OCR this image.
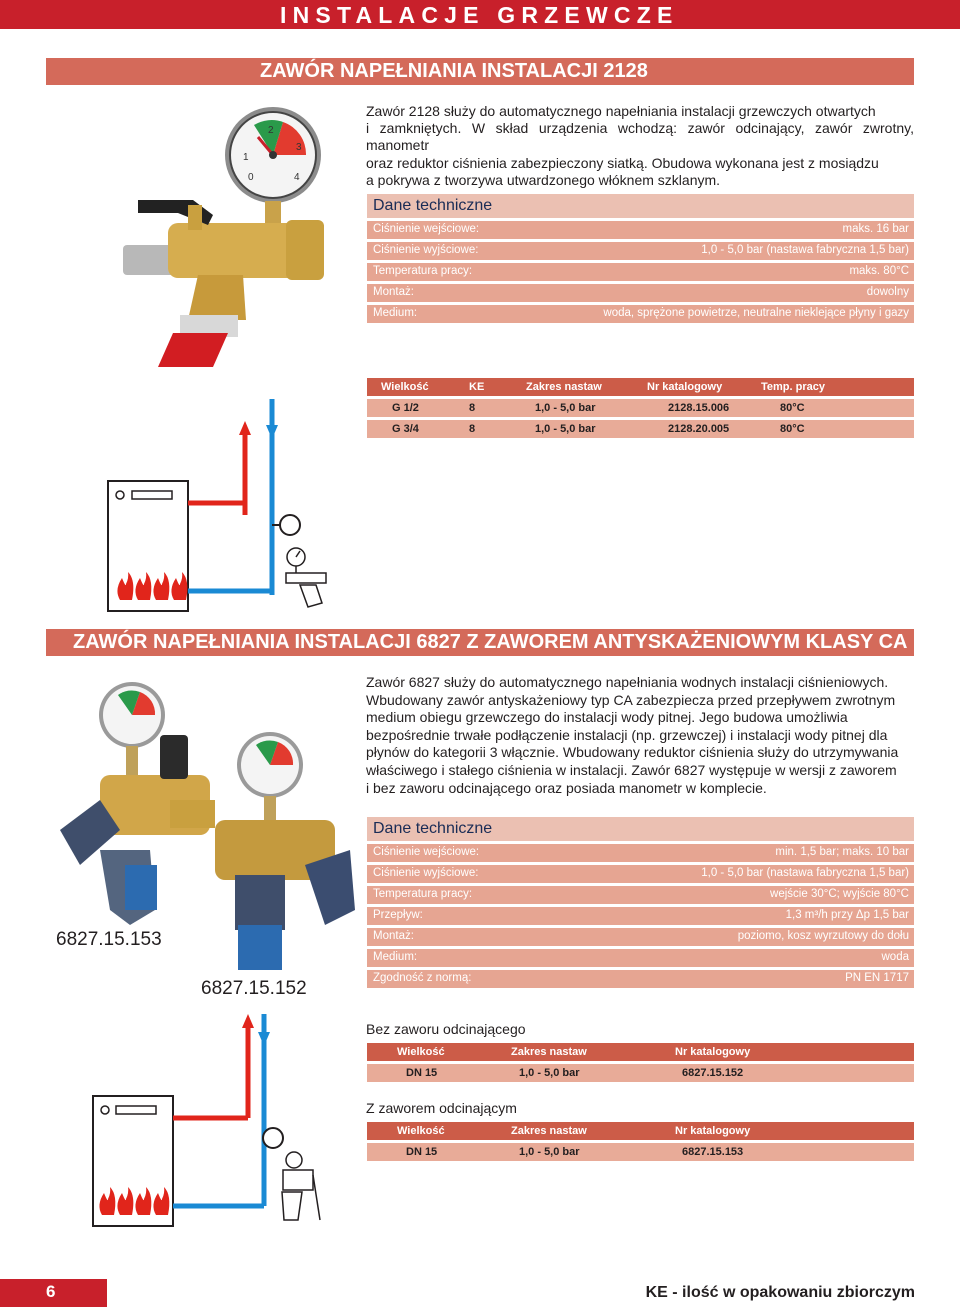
INSTALACJE GRZEWCZE
ZAWÓR NAPEŁNIANIA INSTALACJI 2128
1
2
3
4
0
Zawór 2128 służy do automatycznego napełniania instalacji grzewczych otwartych
i zamkniętych. W skład urządzenia wchodzą: zawór odcinający, zawór zwrotny, manometr
oraz reduktor ciśnienia zabezpieczony siatką. Obudowa wykonana jest z mosiądzu
a pokrywa z tworzywa utwardzonego włóknem szklanym.
Dane techniczne
Ciśnienie wejściowe:	maks. 16 bar
Ciśnienie wyjściowe:	1,0 - 5,0 bar (nastawa fabryczna 1,5 bar)
Temperatura pracy:	maks. 80°C
Montaż:	dowolny
Medium:	woda, sprężone powietrze, neutralne nieklejące płyny i gazy
Wielkość	KE	Zakres nastaw	Nr katalogowy	Temp. pracy
G 1/2	8	1,0 - 5,0 bar	2128.15.006	80°C
G 3/4	8	1,0 - 5,0 bar	2128.20.005	80°C
ZAWÓR NAPEŁNIANIA INSTALACJI 6827 Z ZAWOREM ANTYSKAŻENIOWYM KLASY CA
6827.15.153
6827.15.152
Zawór 6827 służy do automatycznego napełniania wodnych instalacji ciśnieniowych.
Wbudowany zawór antyskażeniowy typ CA zabezpiecza przed przepływem zwrotnym
medium obiegu grzewczego do instalacji wody pitnej. Jego budowa umożliwia
bezpośrednie trwałe podłączenie instalacji (np. grzewczej) i instalacji wody pitnej dla
płynów do kategorii 3 włącznie. Wbudowany reduktor ciśnienia służy do utrzymywania
właściwego i stałego ciśnienia w instalacji. Zawór 6827 występuje w wersji z zaworem
i bez zaworu odcinającego oraz posiada manometr w komplecie.
Dane techniczne
Ciśnienie wejściowe:	min. 1,5 bar; maks. 10 bar
Ciśnienie wyjściowe:	1,0 - 5,0 bar (nastawa fabryczna 1,5 bar)
Temperatura pracy:	wejście 30°C; wyjście 80°C
Przepływ:	1,3 m³/h przy Δp 1,5 bar
Montaż:	poziomo, kosz wyrzutowy do dołu
Medium:	woda
Zgodność z normą:	PN EN 1717
Bez zaworu odcinającego
Wielkość	Zakres nastaw	Nr katalogowy
DN 15	1,0 - 5,0 bar	6827.15.152
Z zaworem odcinającym
Wielkość	Zakres nastaw	Nr katalogowy
DN 15	1,0 - 5,0 bar	6827.15.153
6	KE - ilość w opakowaniu zbiorczym
